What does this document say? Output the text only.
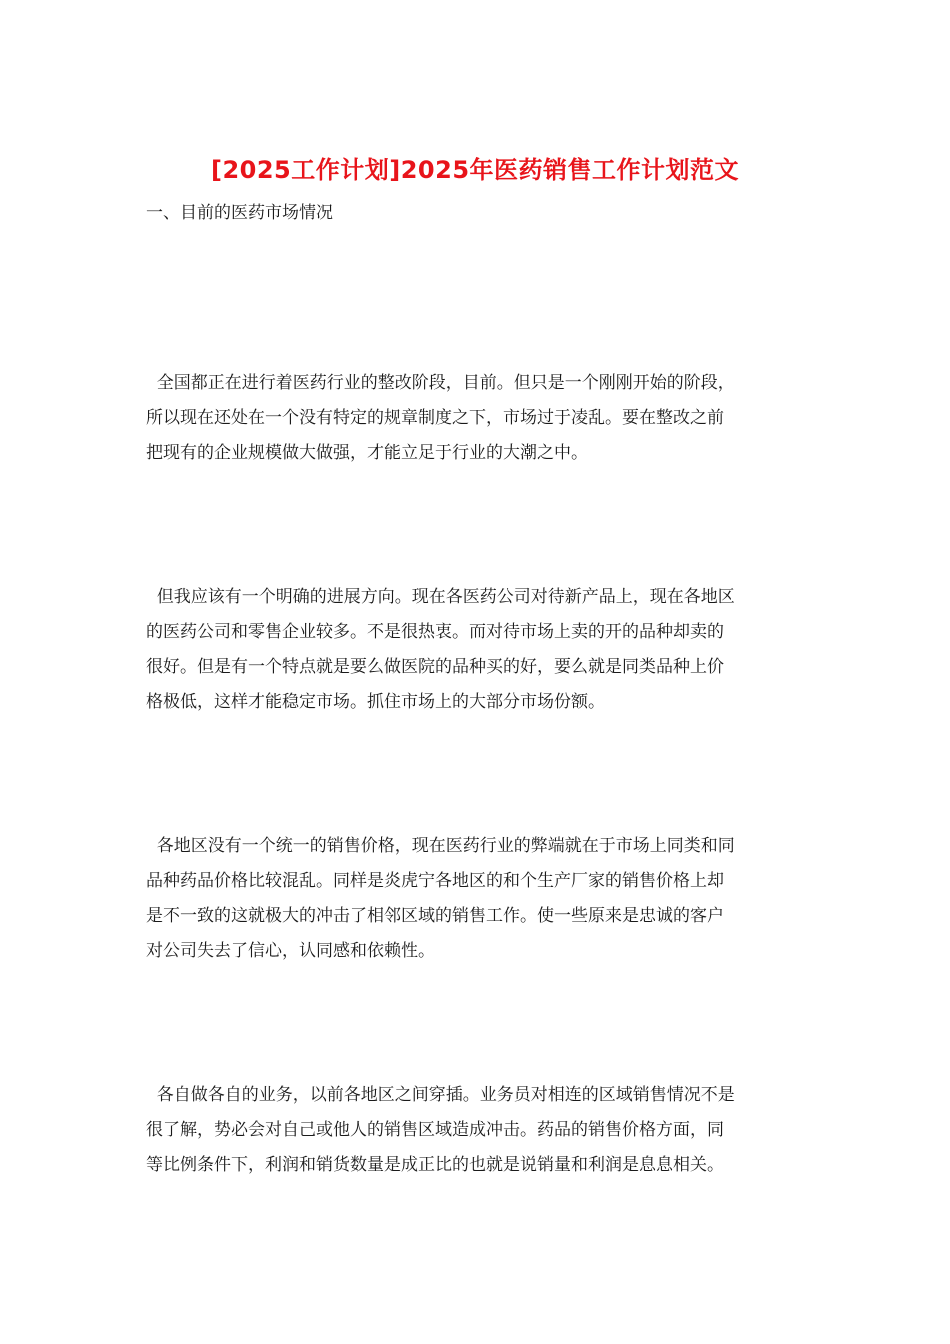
[2025工作计划]2025年医药销售工作计划范文
一、目前的医药市场情况
全国都正在进行着医药行业的整改阶段，目前。但只是一个刚刚开始的阶段，
所以现在还处在一个没有特定的规章制度之下，市场过于凌乱。要在整改之前
把现有的企业规模做大做强，才能立足于行业的大潮之中。
但我应该有一个明确的进展方向。现在各医药公司对待新产品上，现在各地区
的医药公司和零售企业较多。不是很热衷。而对待市场上卖的开的品种却卖的
很好。但是有一个特点就是要么做医院的品种买的好，要么就是同类品种上价
格极低，这样才能稳定市场。抓住市场上的大部分市场份额。
各地区没有一个统一的销售价格，现在医药行业的弊端就在于市场上同类和同
品种药品价格比较混乱。同样是炎虎宁各地区的和个生产厂家的销售价格上却
是不一致的这就极大的冲击了相邻区域的销售工作。使一些原来是忠诚的客户
对公司失去了信心，认同感和依赖性。
各自做各自的业务，以前各地区之间穿插。业务员对相连的区域销售情况不是
很了解，势必会对自己或他人的销售区域造成冲击。药品的销售价格方面，同
等比例条件下，利润和销货数量是成正比的也就是说销量和利润是息息相关。
